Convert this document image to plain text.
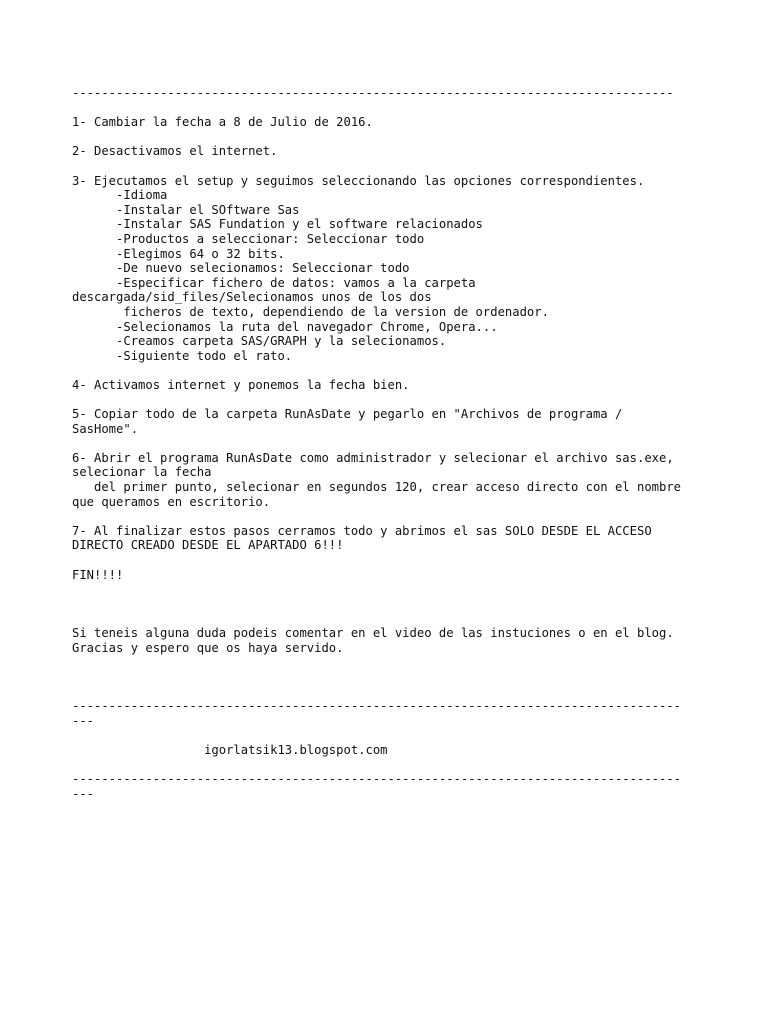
----------------------------------------------------------------------------------
1- Cambiar la fecha a 8 de Julio de 2016.
2- Desactivamos el internet.
3- Ejecutamos el setup y seguimos seleccionando las opciones correspondientes.
-Idioma
-Instalar el SOftware Sas
-Instalar SAS Fundation y el software relacionados
-Productos a seleccionar: Seleccionar todo
-Elegimos 64 o 32 bits.
-De nuevo selecionamos: Seleccionar todo
-Especificar fichero de datos: vamos a la carpeta
descargada/sid_files/Selecionamos unos de los dos
ficheros de texto, dependiendo de la version de ordenador.
-Selecionamos la ruta del navegador Chrome, Opera...
-Creamos carpeta SAS/GRAPH y la selecionamos.
-Siguiente todo el rato.
4- Activamos internet y ponemos la fecha bien.
5- Copiar todo de la carpeta RunAsDate y pegarlo en "Archivos de programa /
SasHome".
6- Abrir el programa RunAsDate como administrador y selecionar el archivo sas.exe,
selecionar la fecha
del primer punto, selecionar en segundos 120, crear acceso directo con el nombre
que queramos en escritorio.
7- Al finalizar estos pasos cerramos todo y abrimos el sas SOLO DESDE EL ACCESO
DIRECTO CREADO DESDE EL APARTADO 6!!!
FIN!!!!
Si teneis alguna duda podeis comentar en el video de las instuciones o en el blog.
Gracias y espero que os haya servido.
-----------------------------------------------------------------------------------
---
igorlatsik13.blogspot.com
-----------------------------------------------------------------------------------
---
